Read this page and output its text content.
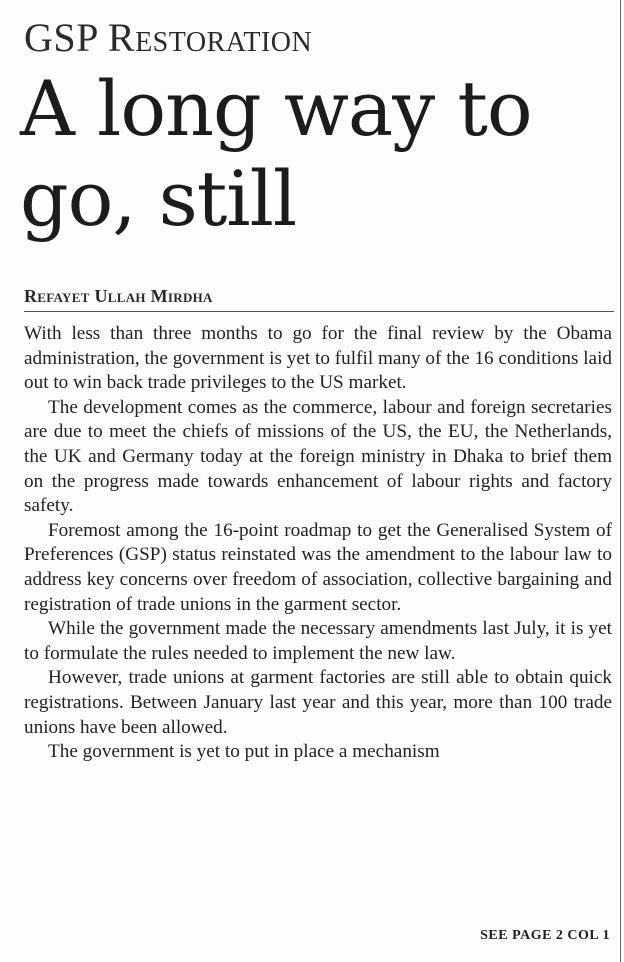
GSP Restoration
A long way to go, still
Refayet Ullah Mirdha

With less than three months to go for the final review by the Obama administration, the government is yet to fulfil many of the 16 conditions laid out to win back trade privileges to the US market.

The development comes as the commerce, labour and foreign secretaries are due to meet the chiefs of missions of the US, the EU, the Netherlands, the UK and Germany today at the foreign ministry in Dhaka to brief them on the progress made towards enhancement of labour rights and factory safety.

Foremost among the 16-point roadmap to get the Generalised System of Preferences (GSP) status reinstated was the amendment to the labour law to address key concerns over freedom of association, collective bargaining and registration of trade unions in the garment sector.

While the government made the necessary amendments last July, it is yet to formulate the rules needed to implement the new law.

However, trade unions at garment factories are still able to obtain quick registrations. Between January last year and this year, more than 100 trade unions have been allowed.

The government is yet to put in place a mechanism

SEE PAGE 2 COL 1
